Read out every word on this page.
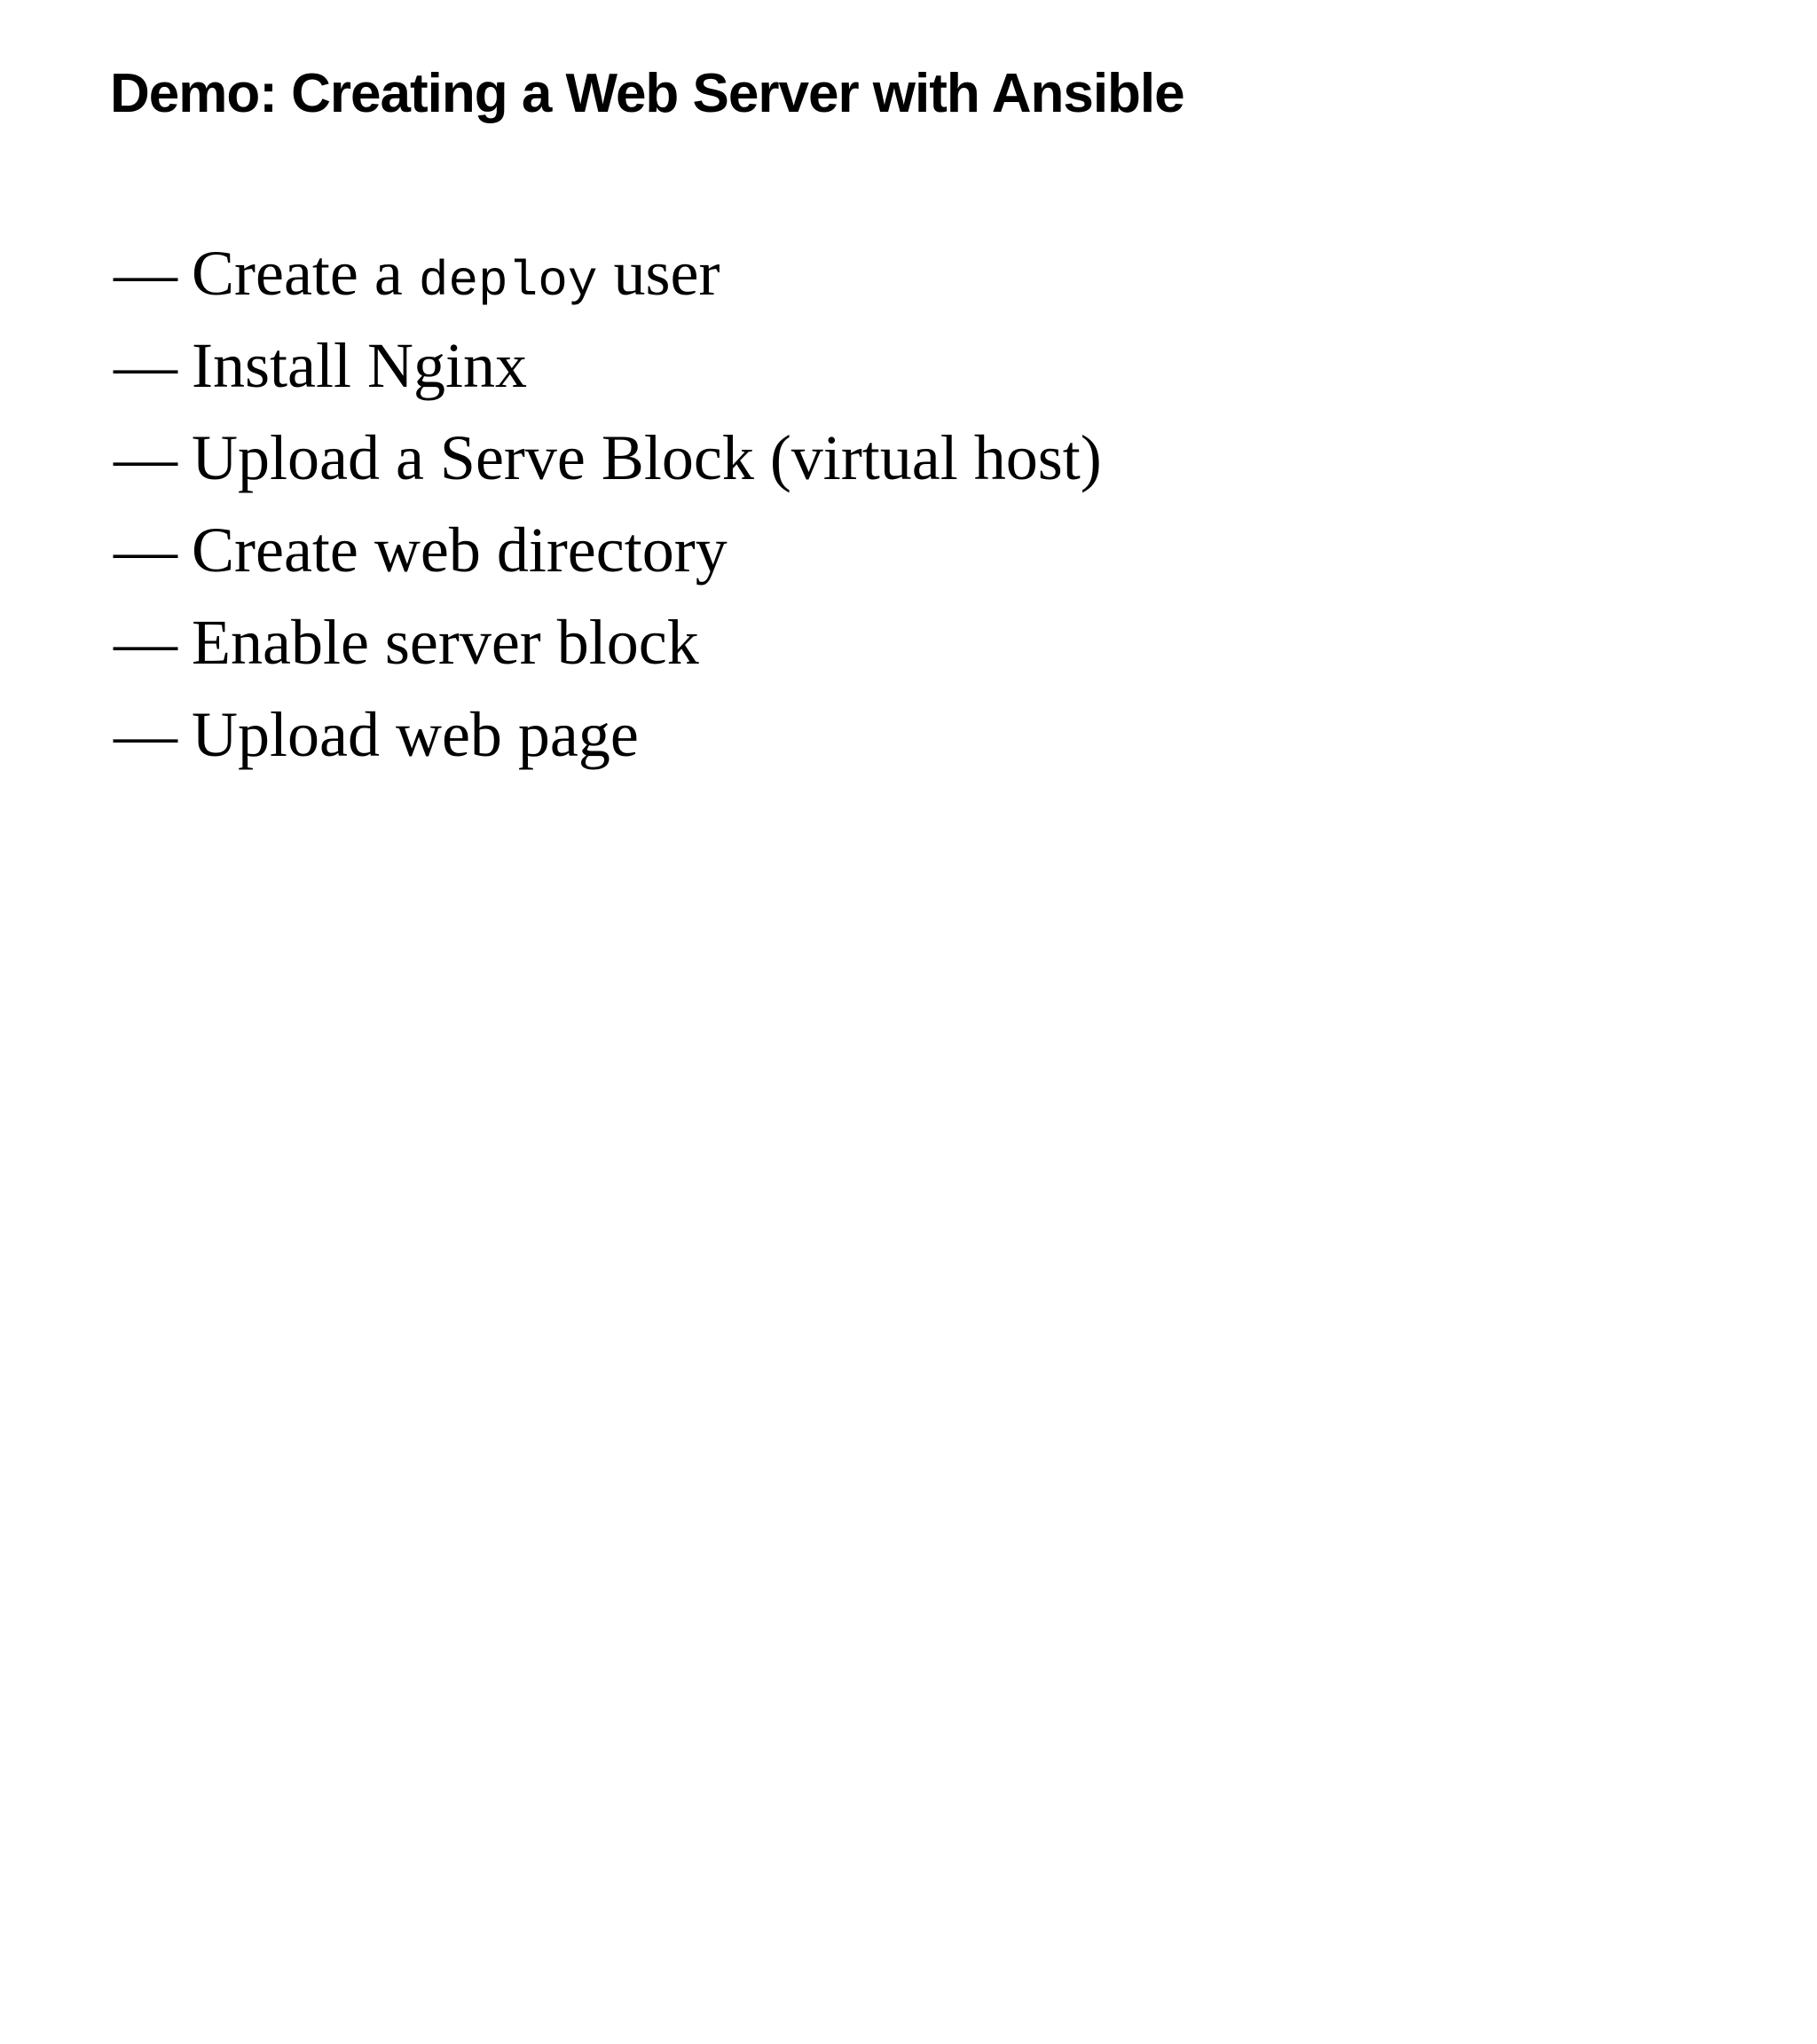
Demo: Creating a Web Server with Ansible
— Create a
deploy
user
— Install Nginx
— Upload a Serve Block (virtual host)
— Create web directory
— Enable server block
— Upload web page
